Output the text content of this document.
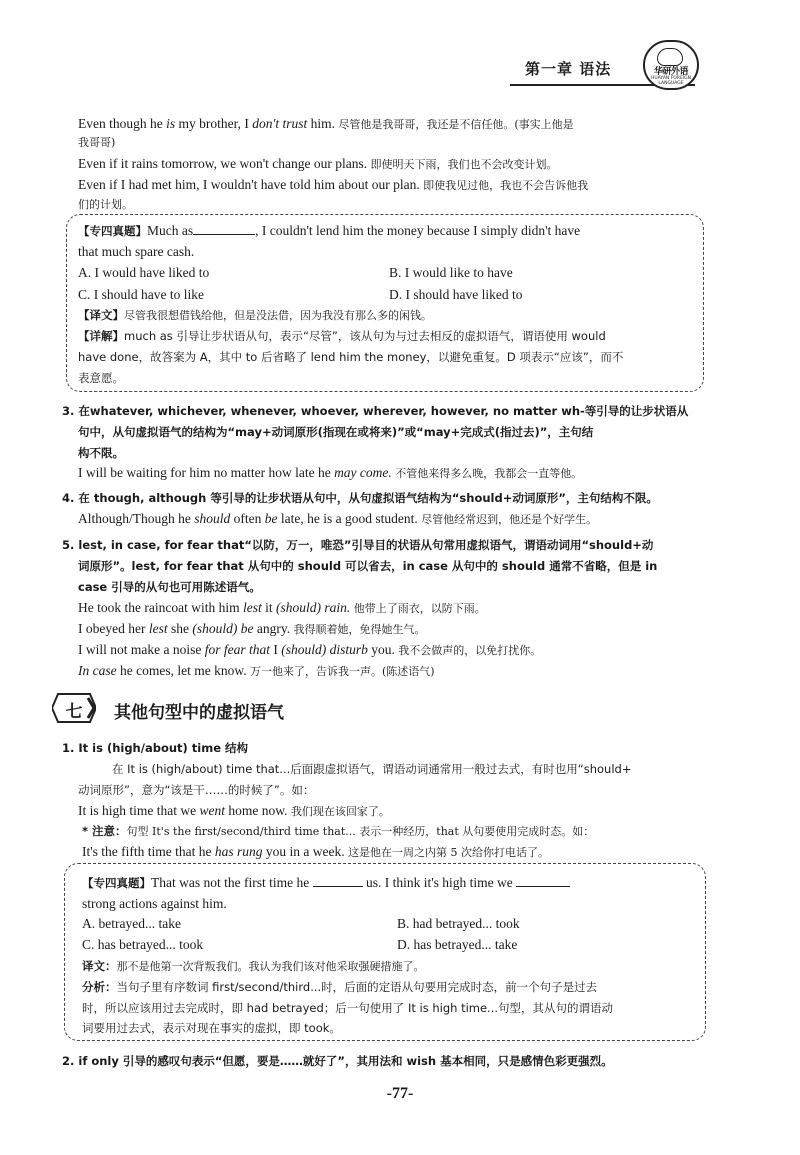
第一章 语法	华研外语
HUAYAN FOREIGN LANGUAGE
Even though he is my brother, I don't trust him. 尽管他是我哥哥，我还是不信任他。(事实上他是
我哥哥)
Even if it rains tomorrow, we won't change our plans. 即使明天下雨，我们也不会改变计划。
Even if I had met him, I wouldn't have told him about our plan. 即使我见过他，我也不会告诉他我
们的计划。
【专四真题】Much as	, I couldn't lend him the money because I simply didn't have
that much spare cash.
A. I would have liked to	B. I would like to have
C. I should have to like	D. I should have liked to
【译文】尽管我很想借钱给他，但是没法借，因为我没有那么多的闲钱。
【详解】much as 引导让步状语从句，表示“尽管”，该从句为与过去相反的虚拟语气，谓语使用 would
have done，故答案为 A，其中 to 后省略了 lend him the money，以避免重复。D 项表示“应该”，而不
表意愿。
3. 在whatever, whichever, whenever, whoever, wherever, however, no matter wh-等引导的让步状语从
句中，从句虚拟语气的结构为“may+动词原形(指现在或将来)”或“may+完成式(指过去)”，主句结
构不限。
I will be waiting for him no matter how late he may come. 不管他来得多么晚，我都会一直等他。
4. 在 though, although 等引导的让步状语从句中，从句虚拟语气结构为“should+动词原形”，主句结构不限。
Although/Though he should often be late, he is a good student. 尽管他经常迟到，他还是个好学生。
5. lest, in case, for fear that“以防，万一，唯恐”引导目的状语从句常用虚拟语气，谓语动词用“should+动
词原形”。lest, for fear that 从句中的 should 可以省去，in case 从句中的 should 通常不省略，但是 in
case 引导的从句也可用陈述语气。
He took the raincoat with him lest it (should) rain. 他带上了雨衣，以防下雨。
I obeyed her lest she (should) be angry. 我得顺着她，免得她生气。
I will not make a noise for fear that I (should) disturb you. 我不会做声的，以免打扰你。
In case he comes, let me know. 万一他来了，告诉我一声。(陈述语气)
七	其他句型中的虚拟语气
1. It is (high/about) time 结构
在 It is (high/about) time that...后面跟虚拟语气，谓语动词通常用一般过去式，有时也用“should+
动词原形”，意为“该是干……的时候了”。如：
It is high time that we went home now. 我们现在该回家了。
* 注意：句型 It's the first/second/third time that... 表示一种经历，that 从句要使用完成时态。如：
It's the fifth time that he has rung you in a week. 这是他在一周之内第 5 次给你打电话了。
【专四真题】That was not the first time he	us. I think it's high time we
strong actions against him.
A. betrayed... take	B. had betrayed... took
C. has betrayed... took	D. has betrayed... take
译文：那不是他第一次背叛我们。我认为我们该对他采取强硬措施了。
分析：当句子里有序数词 first/second/third...时，后面的定语从句要用完成时态，前一个句子是过去
时，所以应该用过去完成时，即 had betrayed；后一句使用了 It is high time...句型，其从句的谓语动
词要用过去式，表示对现在事实的虚拟，即 took。
2. if only 引导的感叹句表示“但愿，要是……就好了”，其用法和 wish 基本相同，只是感情色彩更强烈。
-77-
